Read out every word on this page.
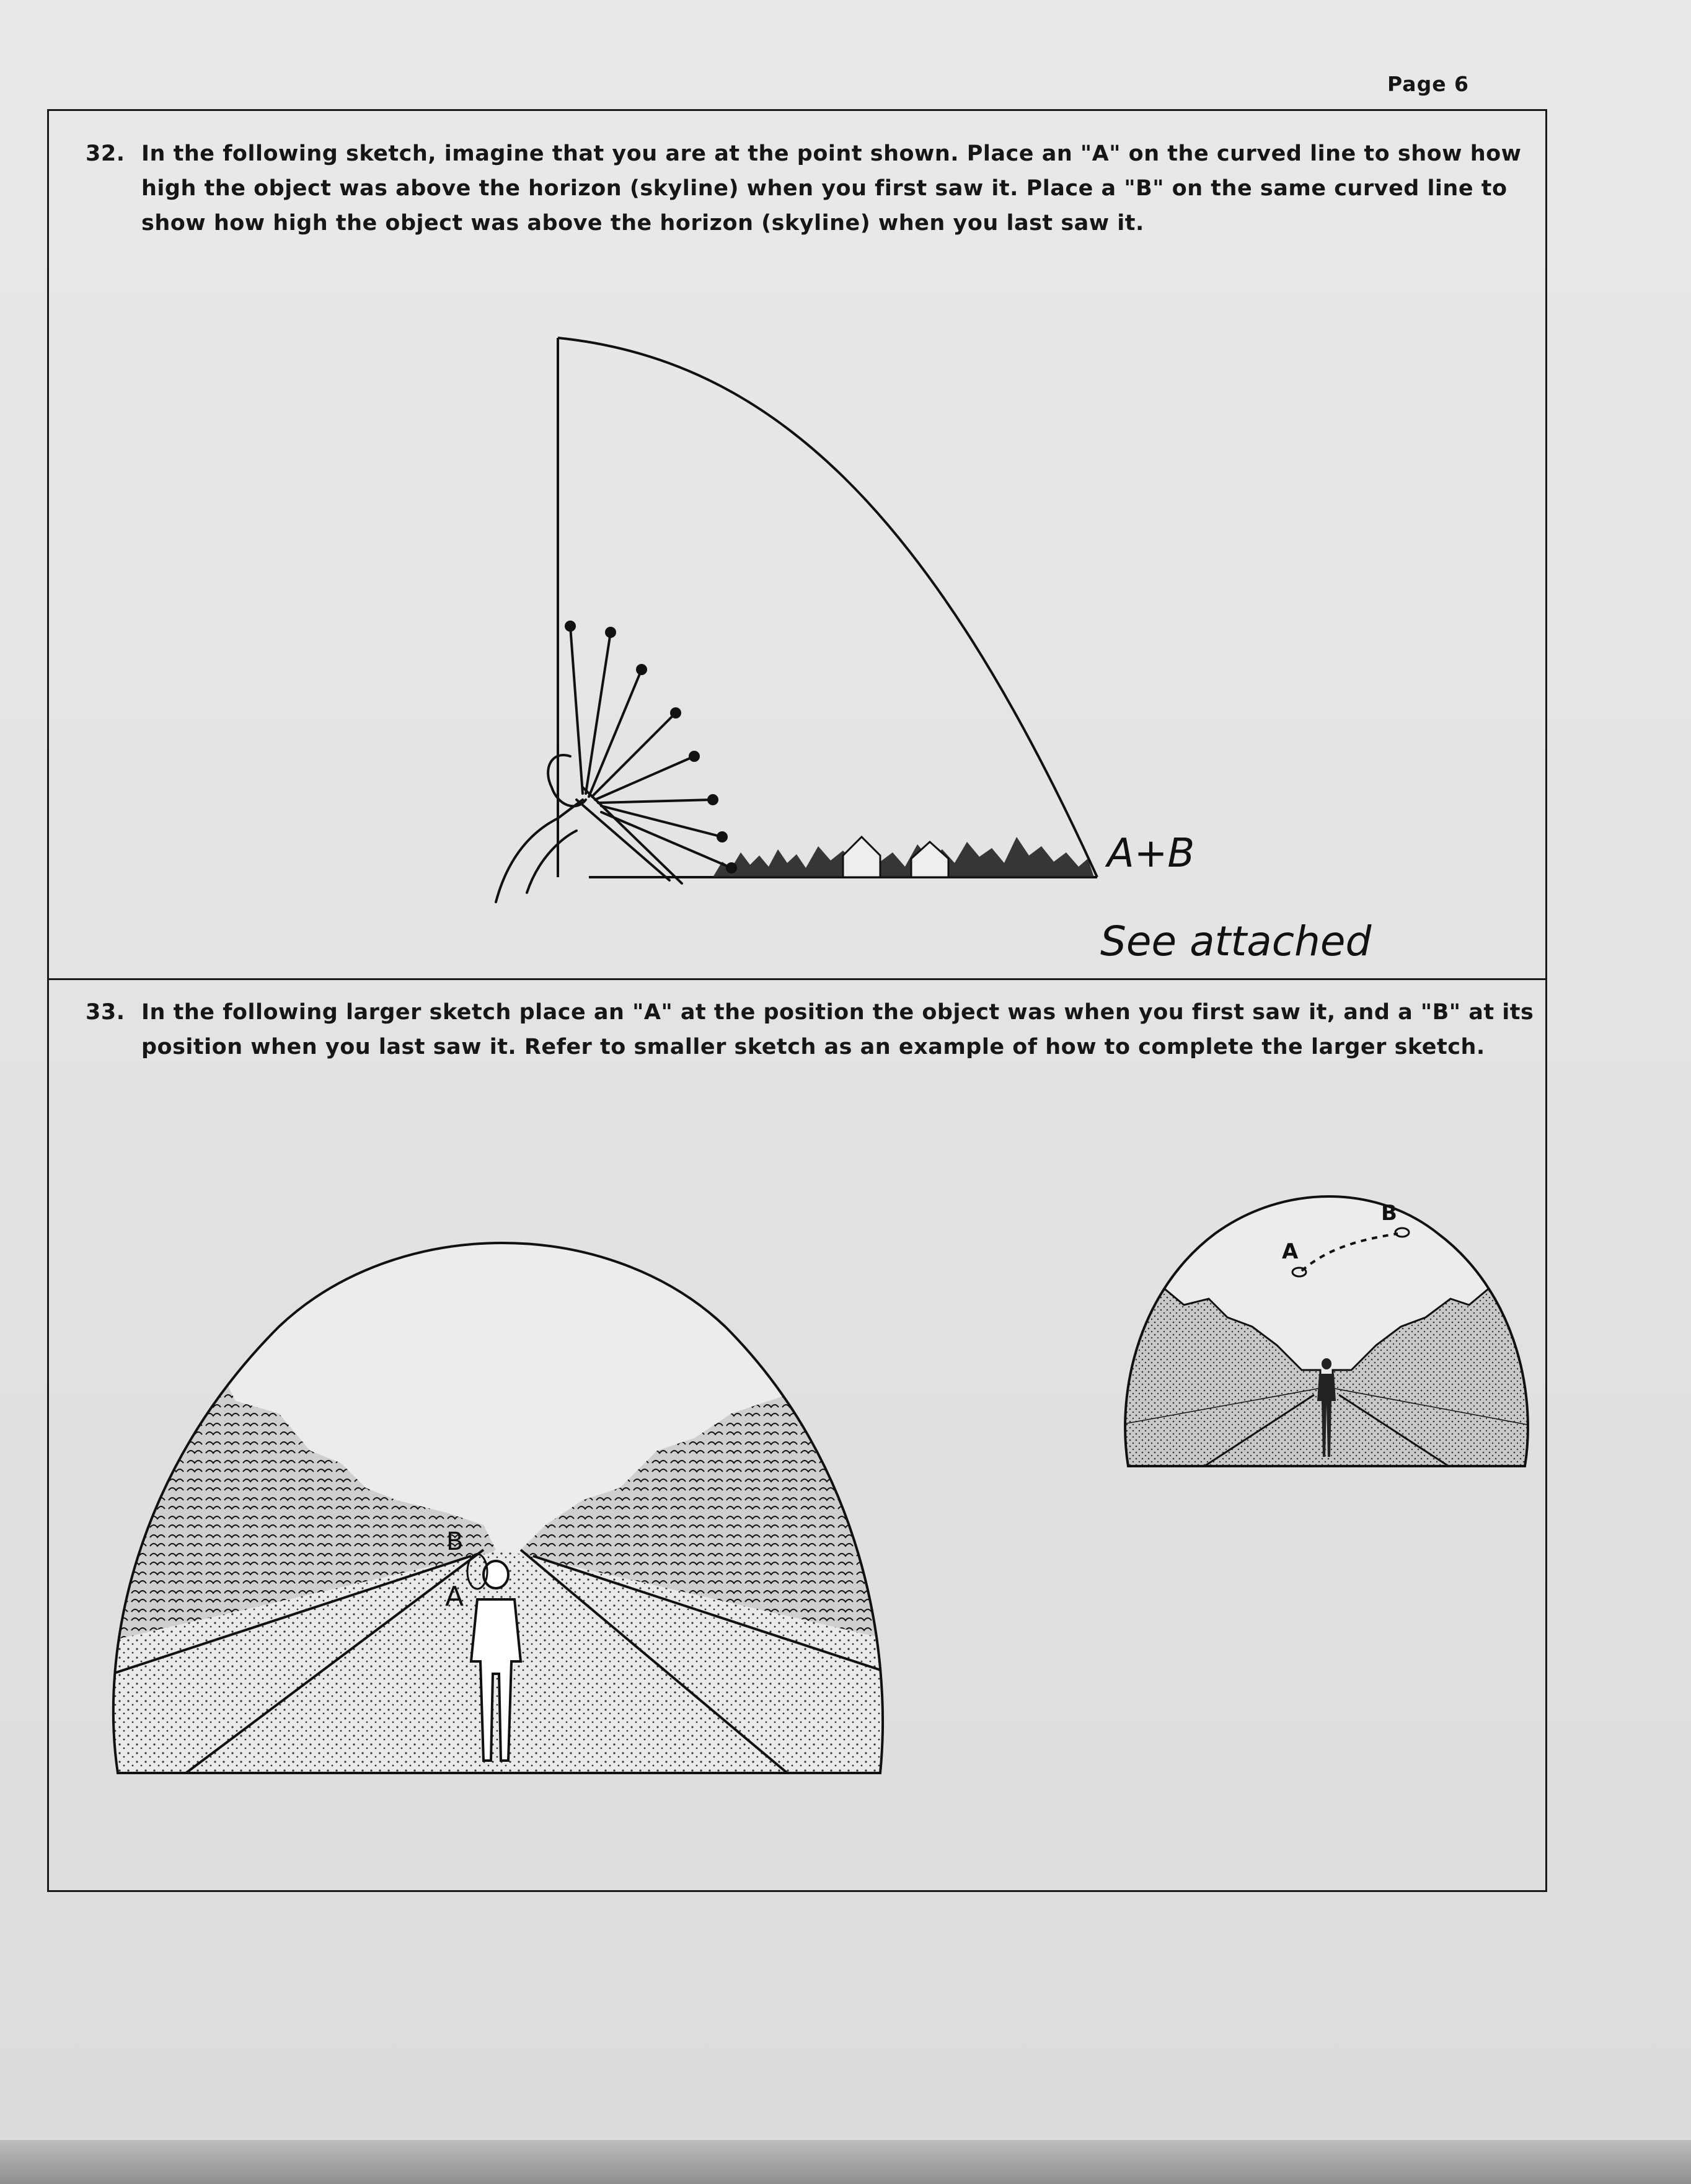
Page 6
32. In the following sketch, imagine that you are at the point shown. Place an "A" on the curved line to show how high the object was above the horizon (skyline) when you first saw it. Place a "B" on the same curved line to show how high the object was above the horizon (skyline) when you last saw it.
A+B
See attached
33. In the following larger sketch place an "A" at the position the object was when you first saw it, and a "B" at its position when you last saw it. Refer to smaller sketch as an example of how to complete the larger sketch.
B
A
A
B
